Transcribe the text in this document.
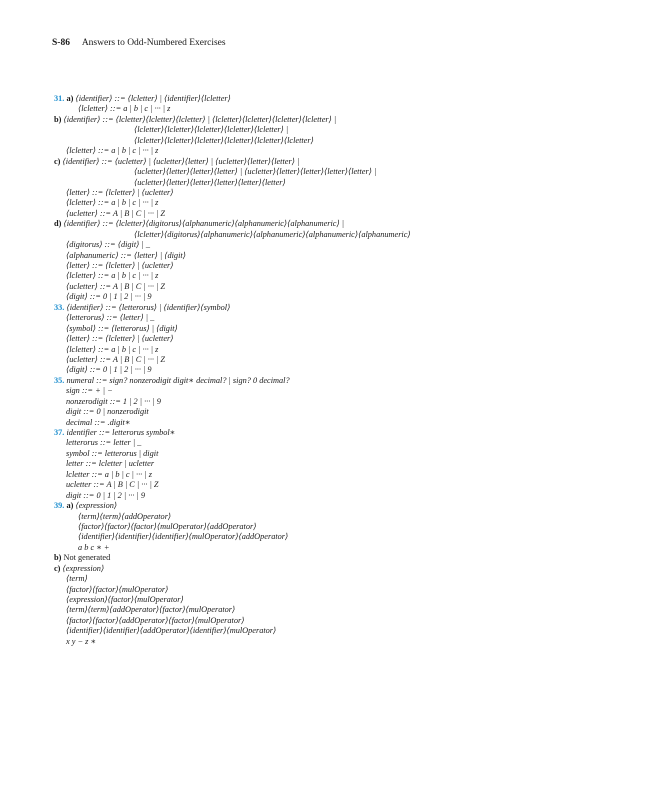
S-86 Answers to Odd-Numbered Exercises
31. a) ⟨identifier⟩ ::= ⟨lcletter⟩ | ⟨identifier⟩⟨lcletter⟩
⟨lcletter⟩ ::= a | b | c | ··· | z
b) ⟨identifier⟩ ::= ⟨lcletter⟩⟨lcletter⟩⟨lcletter⟩ | ⟨lcletter⟩⟨lcletter⟩⟨lcletter⟩⟨lcletter⟩ |
⟨lcletter⟩⟨lcletter⟩⟨lcletter⟩⟨lcletter⟩⟨lcletter⟩ |
⟨lcletter⟩⟨lcletter⟩⟨lcletter⟩⟨lcletter⟩⟨lcletter⟩⟨lcletter⟩
⟨lcletter⟩ ::= a | b | c | ··· | z
c) ⟨identifier⟩ ::= ⟨ucletter⟩ | ⟨ucletter⟩⟨letter⟩ | ⟨ucletter⟩⟨letter⟩⟨letter⟩ |
⟨ucletter⟩⟨letter⟩⟨letter⟩⟨letter⟩ | ⟨ucletter⟩⟨letter⟩⟨letter⟩⟨letter⟩⟨letter⟩ |
⟨ucletter⟩⟨letter⟩⟨letter⟩⟨letter⟩⟨letter⟩⟨letter⟩
⟨letter⟩ ::= ⟨lcletter⟩ | ⟨ucletter⟩
⟨lcletter⟩ ::= a | b | c | ··· | z
⟨ucletter⟩ ::= A | B | C | ··· | Z
d) ⟨identifier⟩ ::= ⟨lcletter⟩⟨digitorus⟩⟨alphanumeric⟩⟨alphanumeric⟩⟨alphanumeric⟩ |
⟨lcletter⟩⟨digitorus⟩⟨alphanumeric⟩⟨alphanumeric⟩⟨alphanumeric⟩⟨alphanumeric⟩
⟨digitorus⟩ ::= ⟨digit⟩ | _
⟨alphanumeric⟩ ::= ⟨letter⟩ | ⟨digit⟩
⟨letter⟩ ::= ⟨lcletter⟩ | ⟨ucletter⟩
⟨lcletter⟩ ::= a | b | c | ··· | z
⟨ucletter⟩ ::= A | B | C | ··· | Z
⟨digit⟩ ::= 0 | 1 | 2 | ··· | 9
33. ⟨identifier⟩ ::= ⟨letterorus⟩ | ⟨identifier⟩⟨symbol⟩
⟨letterorus⟩ ::= ⟨letter⟩ | _
⟨symbol⟩ ::= ⟨letterorus⟩ | ⟨digit⟩
⟨letter⟩ ::= ⟨lcletter⟩ | ⟨ucletter⟩
⟨lcletter⟩ ::= a | b | c | ··· | z
⟨ucletter⟩ ::= A | B | C | ··· | Z
⟨digit⟩ ::= 0 | 1 | 2 | ··· | 9
35. numeral ::= sign? nonzerodigit digit∗ decimal? | sign? 0 decimal?
sign ::= + | −
nonzerodigit ::= 1 | 2 | ··· | 9
digit ::= 0 | nonzerodigit
decimal ::= .digit∗
37. identifier ::= letterorus symbol∗
letterorus ::= letter | _
symbol ::= letterorus | digit
letter ::= lcletter | ucletter
lcletter ::= a | b | c | ··· | z
ucletter ::= A | B | C | ··· | Z
digit ::= 0 | 1 | 2 | ··· | 9
39. a) ⟨expression⟩
⟨term⟩⟨term⟩⟨addOperator⟩
⟨factor⟩⟨factor⟩⟨factor⟩⟨mulOperator⟩⟨addOperator⟩
⟨identifier⟩⟨identifier⟩⟨identifier⟩⟨mulOperator⟩⟨addOperator⟩
a b c ∗ +
b) Not generated
c) ⟨expression⟩
⟨term⟩
⟨factor⟩⟨factor⟩⟨mulOperator⟩
⟨expression⟩⟨factor⟩⟨mulOperator⟩
⟨term⟩⟨term⟩⟨addOperator⟩⟨factor⟩⟨mulOperator⟩
⟨factor⟩⟨factor⟩⟨addOperator⟩⟨factor⟩⟨mulOperator⟩
⟨identifier⟩⟨identifier⟩⟨addOperator⟩⟨identifier⟩⟨mulOperator⟩
x y − z ∗
